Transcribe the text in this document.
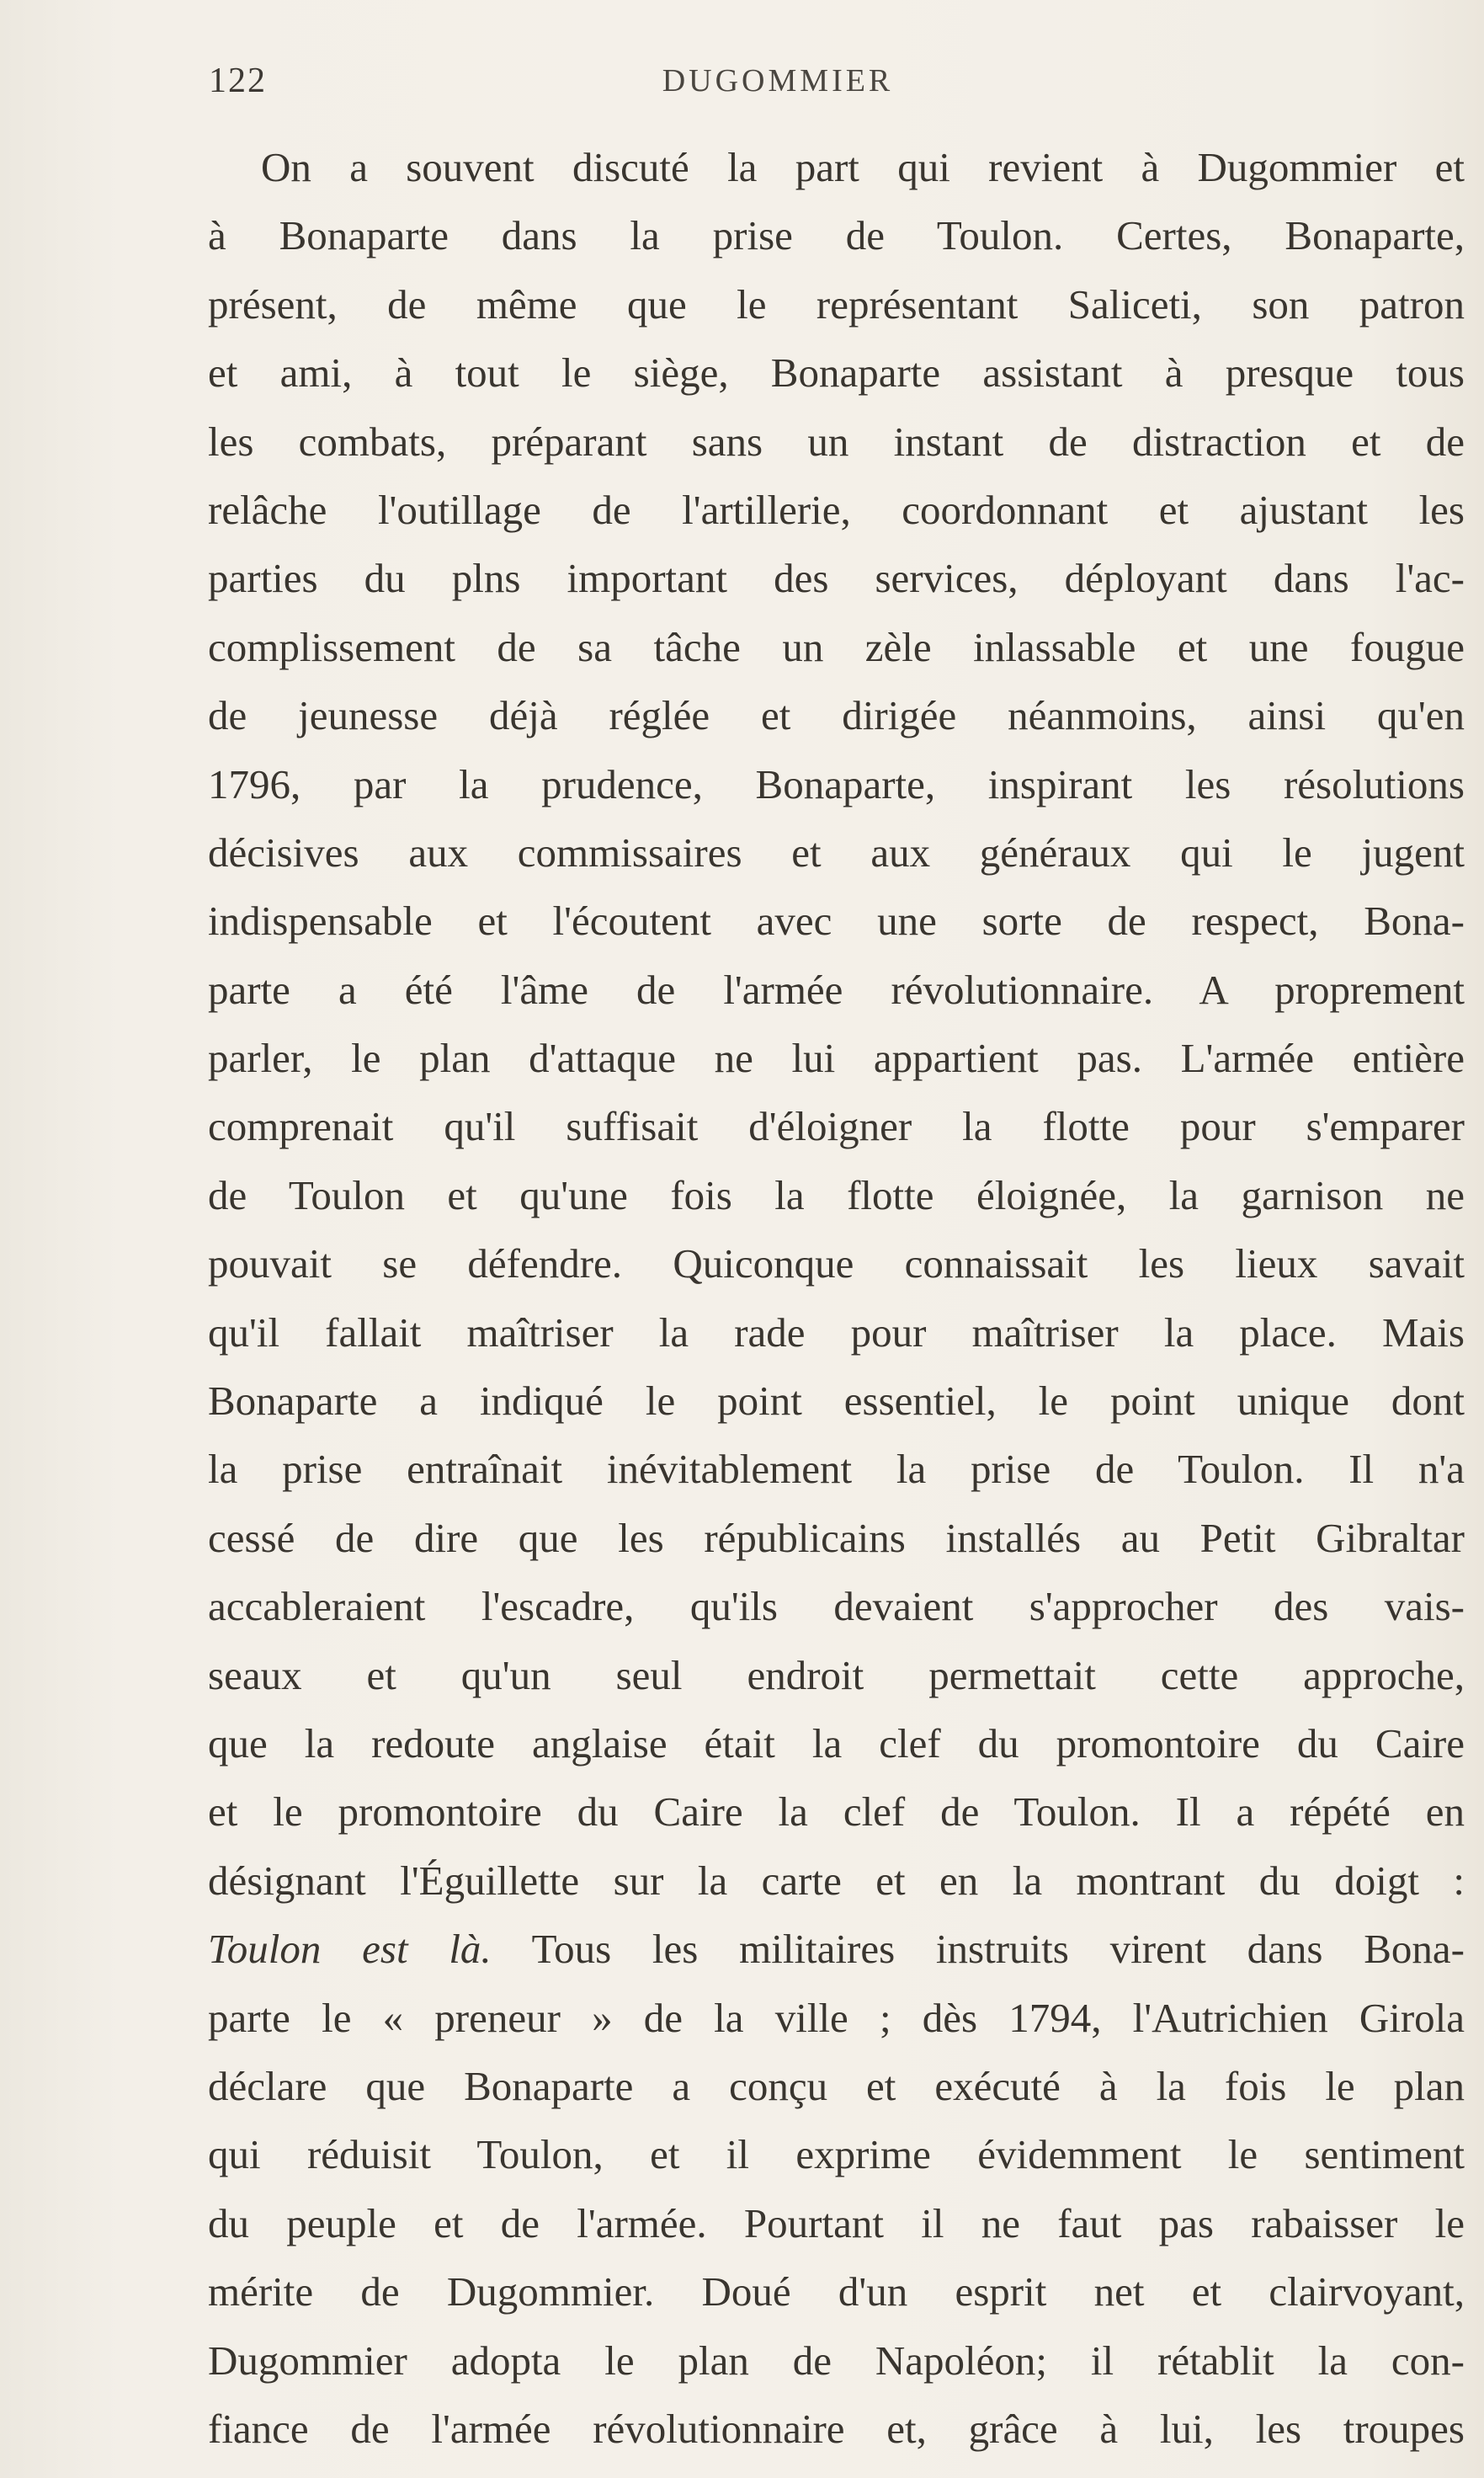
122	DUGOMMIER
On a souvent discuté la part qui revient à Dugommier et
à Bonaparte dans la prise de Toulon. Certes, Bonaparte,
présent, de même que le représentant Saliceti, son patron
et ami, à tout le siège, Bonaparte assistant à presque tous
les combats, préparant sans un instant de distraction et de
relâche l'outillage de l'artillerie, coordonnant et ajustant les
parties du plns important des services, déployant dans l'ac-
complissement de sa tâche un zèle inlassable et une fougue
de jeunesse déjà réglée et dirigée néanmoins, ainsi qu'en
1796, par la prudence, Bonaparte, inspirant les résolutions
décisives aux commissaires et aux généraux qui le jugent
indispensable et l'écoutent avec une sorte de respect, Bona-
parte a été l'âme de l'armée révolutionnaire. A proprement
parler, le plan d'attaque ne lui appartient pas. L'armée entière
comprenait qu'il suffisait d'éloigner la flotte pour s'emparer
de Toulon et qu'une fois la flotte éloignée, la garnison ne
pouvait se défendre. Quiconque connaissait les lieux savait
qu'il fallait maîtriser la rade pour maîtriser la place. Mais
Bonaparte a indiqué le point essentiel, le point unique dont
la prise entraînait inévitablement la prise de Toulon. Il n'a
cessé de dire que les républicains installés au Petit Gibraltar
accableraient l'escadre, qu'ils devaient s'approcher des vais-
seaux et qu'un seul endroit permettait cette approche,
que la redoute anglaise était la clef du promontoire du Caire
et le promontoire du Caire la clef de Toulon. Il a répété en
désignant l'Éguillette sur la carte et en la montrant du doigt :
Toulon est là. Tous les militaires instruits virent dans Bona-
parte le « preneur » de la ville ; dès 1794, l'Autrichien Girola
déclare que Bonaparte a conçu et exécuté à la fois le plan
qui réduisit Toulon, et il exprime évidemment le sentiment
du peuple et de l'armée. Pourtant il ne faut pas rabaisser le
mérite de Dugommier. Doué d'un esprit net et clairvoyant,
Dugommier adopta le plan de Napoléon; il rétablit la con-
fiance de l'armée révolutionnaire et, grâce à lui, les troupes
